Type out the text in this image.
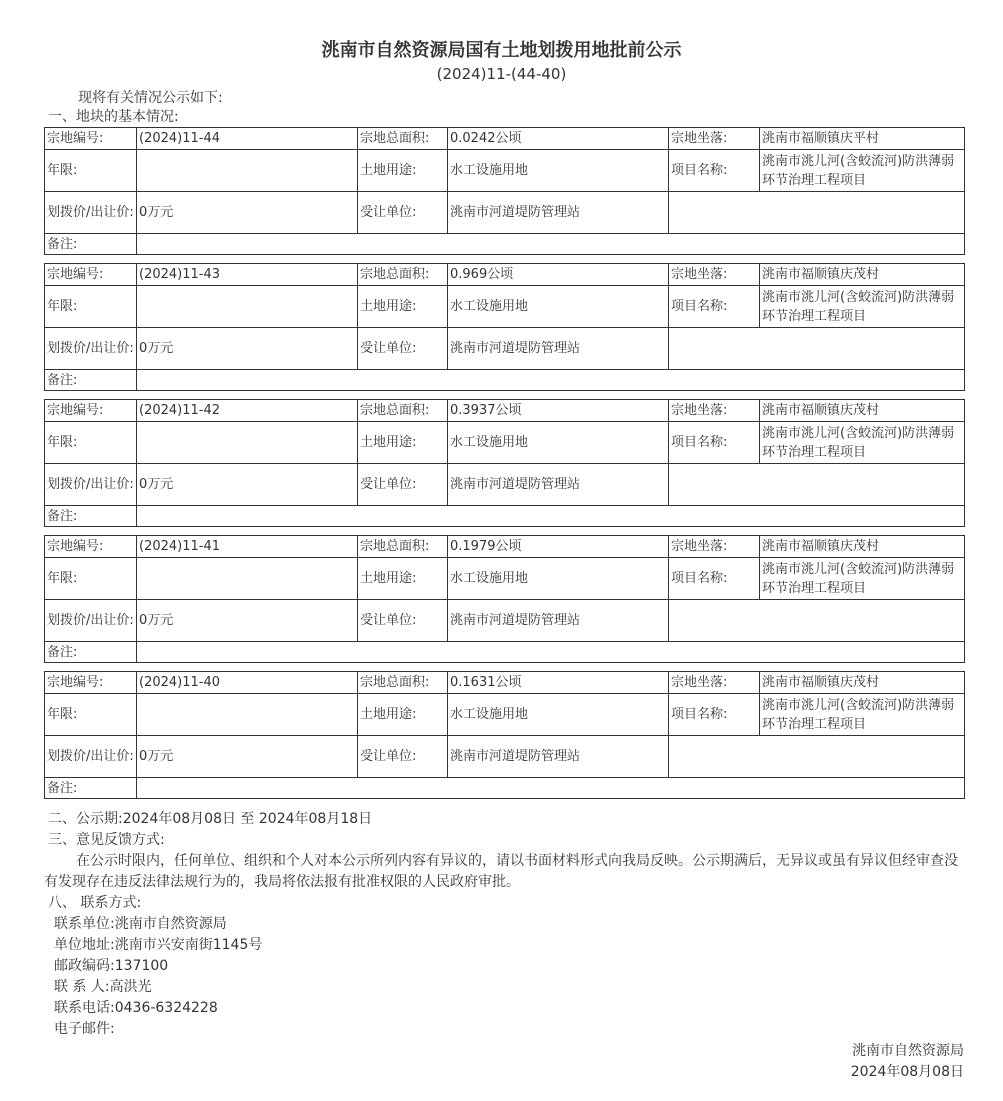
洮南市自然资源局国有土地划拨用地批前公示
(2024)11-(44-40)
现将有关情况公示如下:
一、地块的基本情况:
宗地编号:	(2024)11-44	宗地总面积:	0.0242公顷	宗地坐落:	洮南市福顺镇庆平村
年限:		土地用途:	水工设施用地	项目名称:	洮南市洮儿河(含蛟流河)防洪薄弱环节治理工程项目
划拨价/出让价:	0万元	受让单位:	洮南市河道堤防管理站		
备注:					
宗地编号:	(2024)11-43	宗地总面积:	0.969公顷	宗地坐落:	洮南市福顺镇庆茂村
年限:		土地用途:	水工设施用地	项目名称:	洮南市洮儿河(含蛟流河)防洪薄弱环节治理工程项目
划拨价/出让价:	0万元	受让单位:	洮南市河道堤防管理站		
备注:					
宗地编号:	(2024)11-42	宗地总面积:	0.3937公顷	宗地坐落:	洮南市福顺镇庆茂村
年限:		土地用途:	水工设施用地	项目名称:	洮南市洮儿河(含蛟流河)防洪薄弱环节治理工程项目
划拨价/出让价:	0万元	受让单位:	洮南市河道堤防管理站		
备注:					
宗地编号:	(2024)11-41	宗地总面积:	0.1979公顷	宗地坐落:	洮南市福顺镇庆茂村
年限:		土地用途:	水工设施用地	项目名称:	洮南市洮儿河(含蛟流河)防洪薄弱环节治理工程项目
划拨价/出让价:	0万元	受让单位:	洮南市河道堤防管理站		
备注:					
宗地编号:	(2024)11-40	宗地总面积:	0.1631公顷	宗地坐落:	洮南市福顺镇庆茂村
年限:		土地用途:	水工设施用地	项目名称:	洮南市洮儿河(含蛟流河)防洪薄弱环节治理工程项目
划拨价/出让价:	0万元	受让单位:	洮南市河道堤防管理站		
备注:					
二、公示期:2024年08月08日 至 2024年08月18日
三、意见反馈方式:
在公示时限内，任何单位、组织和个人对本公示所列内容有异议的，请以书面材料形式向我局反映。公示期满后，无异议或虽有异议但经审查没有发现存在违反法律法规行为的，我局将依法报有批准权限的人民政府审批。
八、 联系方式:
联系单位:洮南市自然资源局
单位地址:洮南市兴安南街1145号
邮政编码:137100
联 系 人:高洪光
联系电话:0436-6324228
电子邮件:
洮南市自然资源局
2024年08月08日
